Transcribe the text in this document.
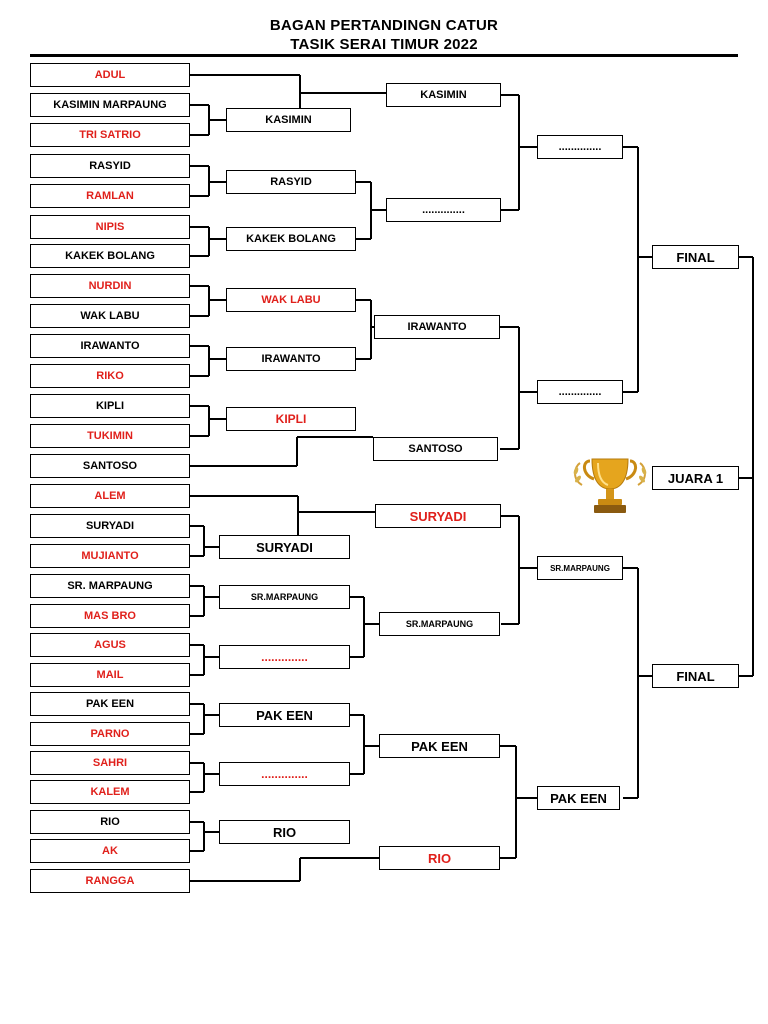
BAGAN PERTANDINGN CATUR
TASIK SERAI TIMUR 2022
ADUL
KASIMIN MARPAUNG
TRI SATRIO
RASYID
RAMLAN
NIPIS
KAKEK BOLANG
NURDIN
WAK LABU
IRAWANTO
RIKO
KIPLI
TUKIMIN
SANTOSO
ALEM
SURYADI
MUJIANTO
SR. MARPAUNG
MAS BRO
AGUS
MAIL
PAK EEN
PARNO
SAHRI
KALEM
RIO
AK
RANGGA
KASIMIN
RASYID
KAKEK BOLANG
WAK LABU
IRAWANTO
KIPLI
SURYADI
SR.MARPAUNG
..............
PAK EEN
..............
RIO
KASIMIN
..............
IRAWANTO
SANTOSO
SURYADI
SR.MARPAUNG
PAK EEN
RIO
..............
..............
SR.MARPAUNG
PAK EEN
FINAL
FINAL
JUARA 1
